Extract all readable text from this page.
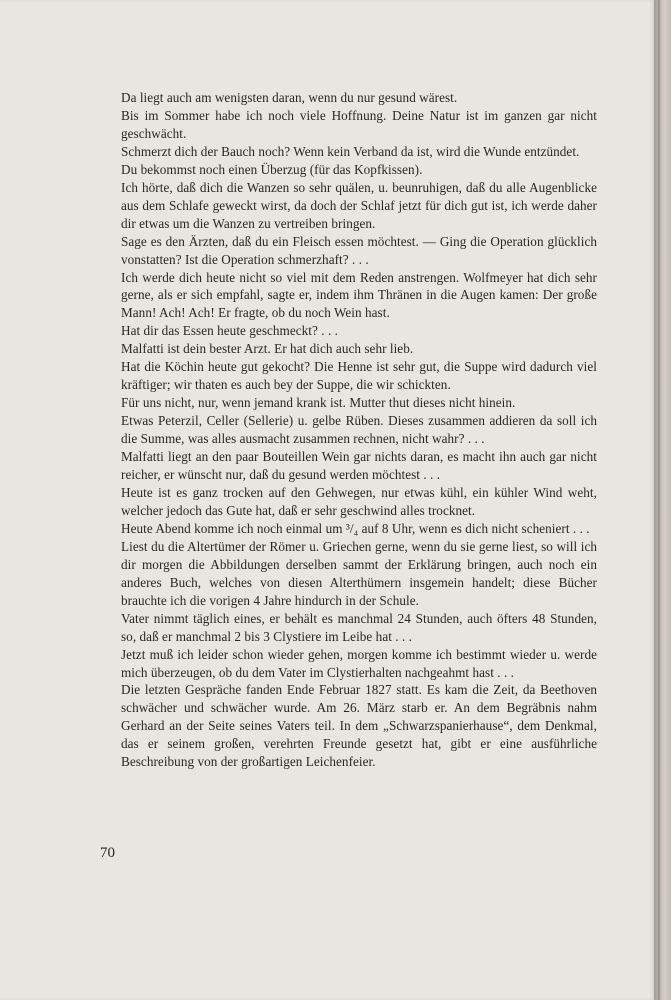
Da liegt auch am wenigsten daran, wenn du nur gesund wärest.

Bis im Sommer habe ich noch viele Hoffnung. Deine Natur ist im ganzen gar nicht geschwächt.

Schmerzt dich der Bauch noch? Wenn kein Verband da ist, wird die Wunde entzündet.

Du bekommst noch einen Überzug (für das Kopfkissen).

Ich hörte, daß dich die Wanzen so sehr quälen, u. beunruhigen, daß du alle Augenblicke aus dem Schlafe geweckt wirst, da doch der Schlaf jetzt für dich gut ist, ich werde daher dir etwas um die Wanzen zu vertreiben bringen.

Sage es den Ärzten, daß du ein Fleisch essen möchtest. — Ging die Operation glücklich vonstatten? Ist die Operation schmerzhaft? . . .

Ich werde dich heute nicht so viel mit dem Reden anstrengen. Wolfmeyer hat dich sehr gerne, als er sich empfahl, sagte er, indem ihm Thränen in die Augen kamen: Der große Mann! Ach! Ach! Er fragte, ob du noch Wein hast.

Hat dir das Essen heute geschmeckt? . . .

Malfatti ist dein bester Arzt. Er hat dich auch sehr lieb.

Hat die Köchin heute gut gekocht? Die Henne ist sehr gut, die Suppe wird dadurch viel kräftiger; wir thaten es auch bey der Suppe, die wir schickten.

Für uns nicht, nur, wenn jemand krank ist. Mutter thut dieses nicht hinein.

Etwas Peterzil, Celler (Sellerie) u. gelbe Rüben. Dieses zusammen addieren da soll ich die Summe, was alles ausmacht zusammen rechnen, nicht wahr? . . .

Malfatti liegt an den paar Bouteillen Wein gar nichts daran, es macht ihn auch gar nicht reicher, er wünscht nur, daß du gesund werden möchtest . . .

Heute ist es ganz trocken auf den Gehwegen, nur etwas kühl, ein kühler Wind weht, welcher jedoch das Gute hat, daß er sehr geschwind alles trocknet.

Heute Abend komme ich noch einmal um ³/₄ auf 8 Uhr, wenn es dich nicht scheniert . . .

Liest du die Altertümer der Römer u. Griechen gerne, wenn du sie gerne liest, so will ich dir morgen die Abbildungen derselben sammt der Erklärung bringen, auch noch ein anderes Buch, welches von diesen Alterthümern insgemein handelt; diese Bücher brauchte ich die vorigen 4 Jahre hindurch in der Schule.

Vater nimmt täglich eines, er behält es manchmal 24 Stunden, auch öfters 48 Stunden, so, daß er manchmal 2 bis 3 Clystiere im Leibe hat . . .

Jetzt muß ich leider schon wieder gehen, morgen komme ich bestimmt wieder u. werde mich überzeugen, ob du dem Vater im Clystierhalten nachgeahmt hast . . .

Die letzten Gespräche fanden Ende Februar 1827 statt. Es kam die Zeit, da Beethoven schwächer und schwächer wurde. Am 26. März starb er. An dem Begräbnis nahm Gerhard an der Seite seines Vaters teil. In dem „Schwarzspanierhause“, dem Denkmal, das er seinem großen, verehrten Freunde gesetzt hat, gibt er eine ausführliche Beschreibung von der großartigen Leichenfeier.

70
